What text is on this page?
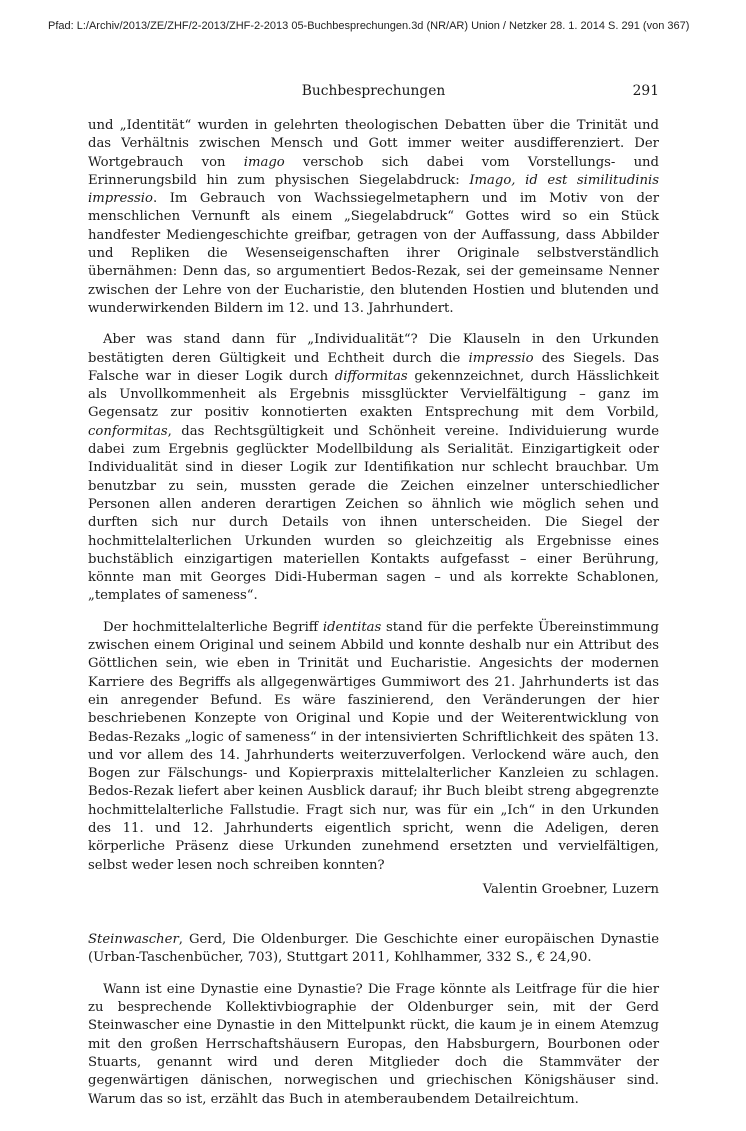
Pfad: L:/Archiv/2013/ZE/ZHF/2-2013/ZHF-2-2013 05-Buchbesprechungen.3d (NR/AR) Union / Netzker 28. 1. 2014 S. 291 (von 367)
Buchbesprechungen	291

und „Identität“ wurden in gelehrten theologischen Debatten über die Trinität und das Verhältnis zwischen Mensch und Gott immer weiter ausdifferenziert. Der Wortgebrauch von imago verschob sich dabei vom Vorstellungs- und Erinnerungsbild hin zum physischen Siegelabdruck: Imago, id est similitudinis impressio. Im Gebrauch von Wachssiegelmetaphern und im Motiv von der menschlichen Vernunft als einem „Siegelabdruck“ Gottes wird so ein Stück handfester Mediengeschichte greifbar, getragen von der Auffassung, dass Abbilder und Repliken die Wesenseigenschaften ihrer Originale selbstverständlich übernähmen: Denn das, so argumentiert Bedos-Rezak, sei der gemeinsame Nenner zwischen der Lehre von der Eucharistie, den blutenden Hostien und blutenden und wunderwirkenden Bildern im 12. und 13. Jahrhundert.

Aber was stand dann für „Individualität“? Die Klauseln in den Urkunden bestätigten deren Gültigkeit und Echtheit durch die impressio des Siegels. Das Falsche war in dieser Logik durch difformitas gekennzeichnet, durch Hässlichkeit als Unvollkommenheit als Ergebnis missglückter Vervielfältigung – ganz im Gegensatz zur positiv konnotierten exakten Entsprechung mit dem Vorbild, conformitas, das Rechtsgültigkeit und Schönheit vereine. Individuierung wurde dabei zum Ergebnis geglückter Modellbildung als Serialität. Einzigartigkeit oder Individualität sind in dieser Logik zur Identifikation nur schlecht brauchbar. Um benutzbar zu sein, mussten gerade die Zeichen einzelner unterschiedlicher Personen allen anderen derartigen Zeichen so ähnlich wie möglich sehen und durften sich nur durch Details von ihnen unterscheiden. Die Siegel der hochmittelalterlichen Urkunden wurden so gleichzeitig als Ergebnisse eines buchstäblich einzigartigen materiellen Kontakts aufgefasst – einer Berührung, könnte man mit Georges Didi-Huberman sagen – und als korrekte Schablonen, „templates of sameness“.

Der hochmittelalterliche Begriff identitas stand für die perfekte Übereinstimmung zwischen einem Original und seinem Abbild und konnte deshalb nur ein Attribut des Göttlichen sein, wie eben in Trinität und Eucharistie. Angesichts der modernen Karriere des Begriffs als allgegenwärtiges Gummiwort des 21. Jahrhunderts ist das ein anregender Befund. Es wäre faszinierend, den Veränderungen der hier beschriebenen Konzepte von Original und Kopie und der Weiterentwicklung von Bedas-Rezaks „logic of sameness“ in der intensivierten Schriftlichkeit des späten 13. und vor allem des 14. Jahrhunderts weiterzuverfolgen. Verlockend wäre auch, den Bogen zur Fälschungs- und Kopierpraxis mittelalterlicher Kanzleien zu schlagen. Bedos-Rezak liefert aber keinen Ausblick darauf; ihr Buch bleibt streng abgegrenzte hochmittelalterliche Fallstudie. Fragt sich nur, was für ein „Ich“ in den Urkunden des 11. und 12. Jahrhunderts eigentlich spricht, wenn die Adeligen, deren körperliche Präsenz diese Urkunden zunehmend ersetzten und vervielfältigen, selbst weder lesen noch schreiben konnten?

Valentin Groebner, Luzern

Steinwascher, Gerd, Die Oldenburger. Die Geschichte einer europäischen Dynastie (Urban-Taschenbücher, 703), Stuttgart 2011, Kohlhammer, 332 S., € 24,90.

Wann ist eine Dynastie eine Dynastie? Die Frage könnte als Leitfrage für die hier zu besprechende Kollektivbiographie der Oldenburger sein, mit der Gerd Steinwascher eine Dynastie in den Mittelpunkt rückt, die kaum je in einem Atemzug mit den großen Herrschaftshäusern Europas, den Habsburgern, Bourbonen oder Stuarts, genannt wird und deren Mitglieder doch die Stammväter der gegenwärtigen dänischen, norwegischen und griechischen Königshäuser sind. Warum das so ist, erzählt das Buch in atemberaubendem Detailreichtum.
